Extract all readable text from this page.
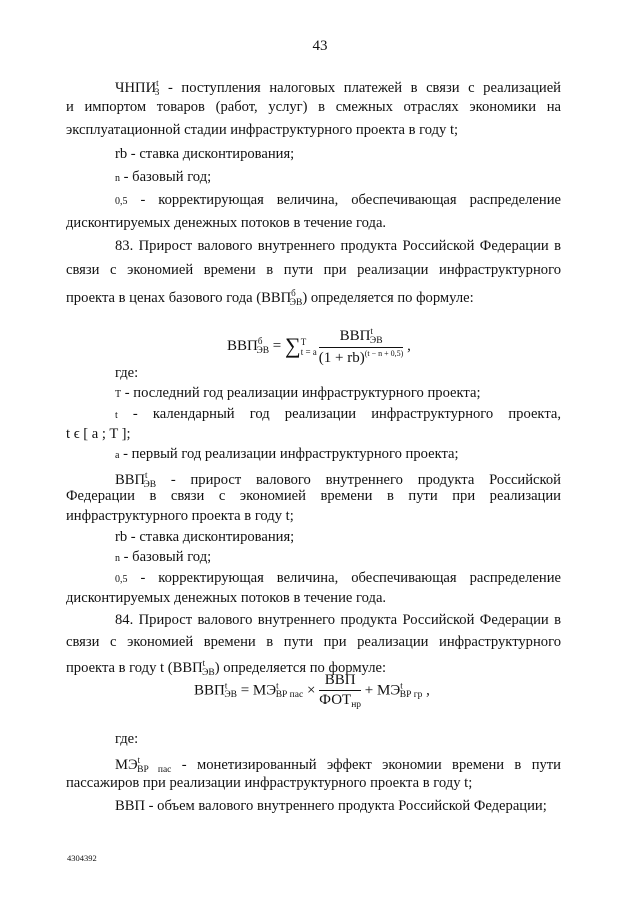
43
$ЧНПИ^t_3$ - поступления налоговых платежей в связи с реализацией
и импортом товаров (работ, услуг) в смежных отраслях экономики на
эксплуатационной стадии инфраструктурного проекта в году t;
rb - ставка дисконтирования;
n - базовый год;
0,5 - корректирующая величина, обеспечивающая распределение
дисконтируемых денежных потоков в течение года.
83. Прирост валового внутреннего продукта Российской Федерации в
связи с экономией времени в пути при реализации инфраструктурного
проекта в ценах базового года $(ВВП^б_{ЭВ})$ определяется по формуле:
$ВВП^б_{ЭВ}$ = ∑ T
t = a $\frac{ВВП^t_{ЭВ}}{(1 + rb)^{(t - n + 0,5)}}$ ,
где:
T - последний год реализации инфраструктурного проекта;
t - календарный год реализации инфраструктурного проекта,
t ϵ [ a ; T ];
a - первый год реализации инфраструктурного проекта;
$ВВП^t_{ЭВ}$ - прирост валового внутреннего продукта Российской
Федерации в связи с экономией времени в пути при реализации
инфраструктурного проекта в году t;
rb - ставка дисконтирования;
n - базовый год;
0,5 - корректирующая величина, обеспечивающая распределение
дисконтируемых денежных потоков в течение года.
84. Прирост валового внутреннего продукта Российской Федерации в
связи с экономией времени в пути при реализации инфраструктурного
проекта в году t $(ВВП^t_{ЭВ})$ определяется по формуле:
$ВВП^t_{ЭВ} = МЭ^t_{ВР пас} \times \frac{\text{ВВП}}{ФОТ_{нр}} + МЭ^t_{ВР гр}$ ,
где:
$МЭ^t_{ВР пас}$ - монетизированный эффект экономии времени в пути
пассажиров при реализации инфраструктурного проекта в году t;
ВВП - объем валового внутреннего продукта Российской Федерации;
4304392
